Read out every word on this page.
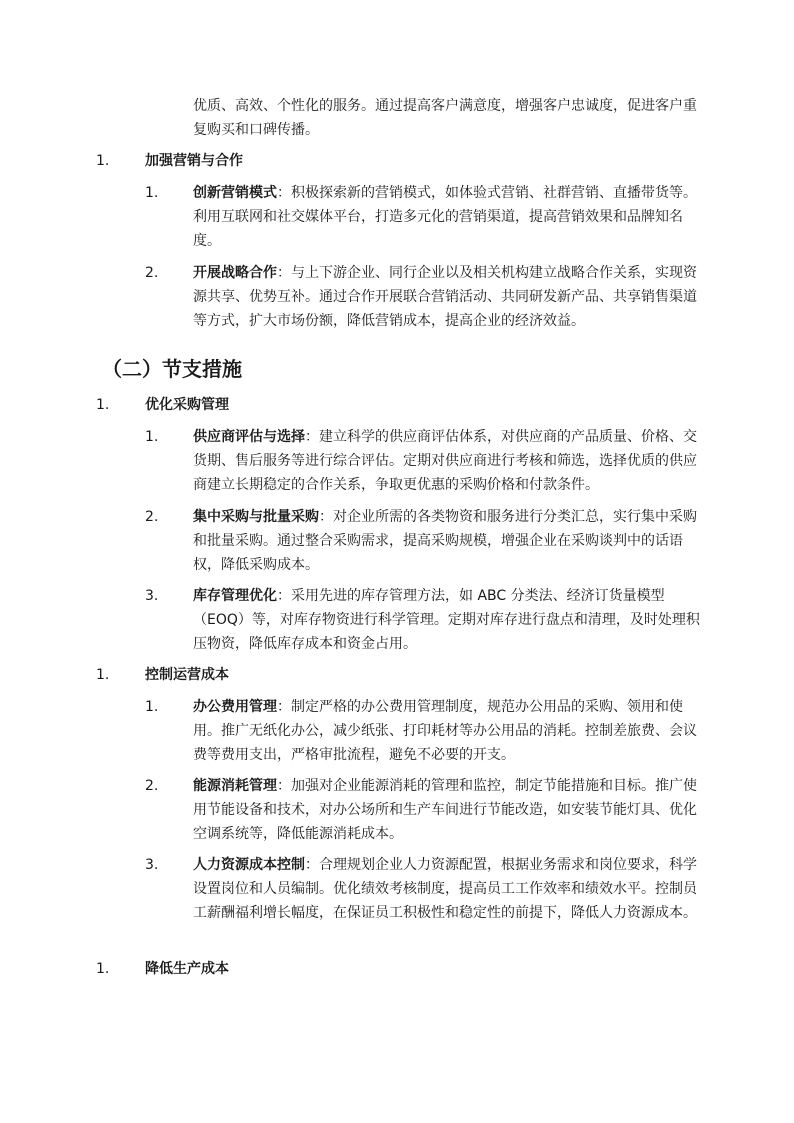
优质、高效、个性化的服务。通过提高客户满意度，增强客户忠诚度，促进客户重复购买和口碑传播。

1.	加强营销与合作
1.	创新营销模式：积极探索新的营销模式，如体验式营销、社群营销、直播带货等。利用互联网和社交媒体平台，打造多元化的营销渠道，提高营销效果和品牌知名度。
2.	开展战略合作：与上下游企业、同行企业以及相关机构建立战略合作关系，实现资源共享、优势互补。通过合作开展联合营销活动、共同研发新产品、共享销售渠道等方式，扩大市场份额，降低营销成本，提高企业的经济效益。
（二）节支措施
1.	优化采购管理
1.	供应商评估与选择：建立科学的供应商评估体系，对供应商的产品质量、价格、交货期、售后服务等进行综合评估。定期对供应商进行考核和筛选，选择优质的供应商建立长期稳定的合作关系，争取更优惠的采购价格和付款条件。
2.	集中采购与批量采购：对企业所需的各类物资和服务进行分类汇总，实行集中采购和批量采购。通过整合采购需求，提高采购规模，增强企业在采购谈判中的话语权，降低采购成本。
3.	库存管理优化：采用先进的库存管理方法，如 ABC 分类法、经济订货量模型（EOQ）等，对库存物资进行科学管理。定期对库存进行盘点和清理，及时处理积压物资，降低库存成本和资金占用。
1.	控制运营成本
1.	办公费用管理：制定严格的办公费用管理制度，规范办公用品的采购、领用和使用。推广无纸化办公，减少纸张、打印耗材等办公用品的消耗。控制差旅费、会议费等费用支出，严格审批流程，避免不必要的开支。
2.	能源消耗管理：加强对企业能源消耗的管理和监控，制定节能措施和目标。推广使用节能设备和技术，对办公场所和生产车间进行节能改造，如安装节能灯具、优化空调系统等，降低能源消耗成本。
3.	人力资源成本控制：合理规划企业人力资源配置，根据业务需求和岗位要求，科学设置岗位和人员编制。优化绩效考核制度，提高员工工作效率和绩效水平。控制员工薪酬福利增长幅度，在保证员工积极性和稳定性的前提下，降低人力资源成本。
1.	降低生产成本
